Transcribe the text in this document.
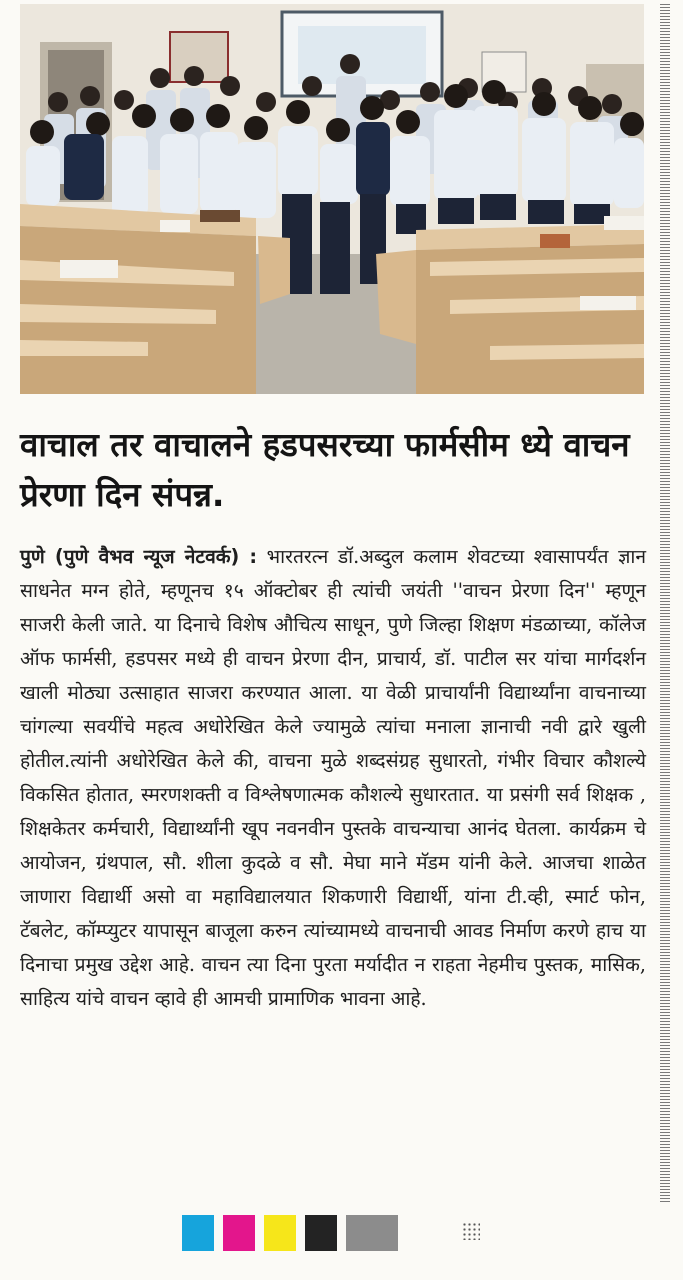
वाचाल तर वाचालने हडपसरच्या फार्मसीम ध्ये वाचन प्रेरणा दिन संपन्न.

पुणे (पुणे वैभव न्यूज नेटवर्क) : भारतरत्न डॉ.अब्दुल कलाम शेवटच्या श्वासापर्यंत ज्ञान साधनेत मग्न होते, म्हणूनच १५ ऑक्टोबर ही त्यांची जयंती ''वाचन प्रेरणा दिन'' म्हणून साजरी केली जाते. या दिनाचे विशेष औचित्य साधून, पुणे जिल्हा शिक्षण मंडळाच्या, कॉलेज ऑफ फार्मसी, हडपसर मध्ये ही वाचन प्रेरणा दीन, प्राचार्य, डॉ. पाटील सर यांचा मार्गदर्शन खाली मोठ्या उत्साहात साजरा करण्यात आला. या वेळी प्राचार्यांनी विद्यार्थ्यांना वाचनाच्या चांगल्या सवयींचे महत्व अधोरेखित केले ज्यामुळे त्यांचा मनाला ज्ञानाची नवी द्वारे खुली होतील.त्यांनी अधोरेखित केले की, वाचना मुळे शब्दसंग्रह सुधारतो, गंभीर विचार कौशल्ये विकसित होतात, स्मरणशक्ती व विश्लेषणात्मक कौशल्ये सुधारतात. या प्रसंगी सर्व शिक्षक , शिक्षकेतर कर्मचारी, विद्यार्थ्यांनी खूप नवनवीन पुस्तके वाचन्याचा आनंद घेतला. कार्यक्रम चे आयोजन, ग्रंथपाल, सौ. शीला कुदळे व सौ. मेघा माने मॅडम यांनी केले. आजचा शाळेत जाणारा विद्यार्थी असो वा महाविद्यालयात शिकणारी विद्यार्थी, यांना टी.व्ही, स्मार्ट फोन, टॅबलेट, कॉम्प्युटर यापासून बाजूला करुन त्यांच्यामध्ये वाचनाची आवड निर्माण करणे हाच या दिनाचा प्रमुख उद्देश आहे. वाचन त्या दिना पुरता मर्यादीत न राहता नेहमीच पुस्तक, मासिक, साहित्य यांचे वाचन व्हावे ही आमची प्रामाणिक भावना आहे.
